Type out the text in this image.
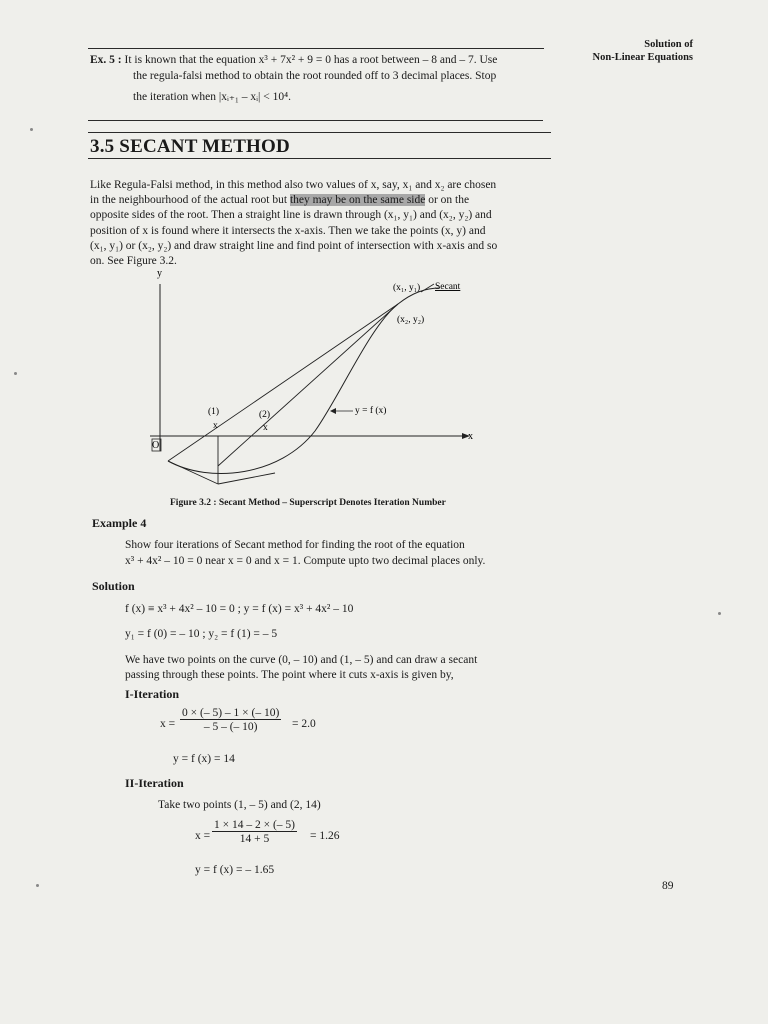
Solution of
Non-Linear Equations
Ex. 5 : It is known that the equation x³ + 7x² + 9 = 0 has a root between – 8 and – 7. Use
the regula-falsi method to obtain the root rounded off to 3 decimal places. Stop
the iteration when |xᵢ₊₁ – xᵢ| < 10⁴.
3.5 SECANT METHOD
Like Regula-Falsi method, in this method also two values of x, say, x₁ and x₂ are chosen
in the neighbourhood of the actual root but they may be on the same side or on the
opposite sides of the root. Then a straight line is drawn through (x₁, y₁) and (x₂, y₂) and
position of x is found where it intersects the x-axis. Then we take the points (x, y) and
(x₁, y₁) or (x₂, y₂) and draw straight line and find point of intersection with x-axis and so
on. See Figure 3.2.
y
x
O
(x₁, y₁) Secant
(x₂, y₂)
y = f (x)
(1)
x
(2)
x
Figure 3.2 : Secant Method – Superscript Denotes Iteration Number
Example 4
Show four iterations of Secant method for finding the root of the equation
x³ + 4x² – 10 = 0 near x = 0 and x = 1. Compute upto two decimal places only.
Solution
f (x) ≡ x³ + 4x² – 10 = 0 ; y = f (x) = x³ + 4x² – 10
y₁ = f (0) = – 10 ; y₂ = f (1) = – 5
We have two points on the curve (0, – 10) and (1, – 5) and can draw a secant
passing through these points. The point where it cuts x-axis is given by,
I-Iteration
$x = \frac{0 \times (- 5) - 1 \times (- 10)}{- 5 - (- 10)} = 2.0$
y = f (x) = 14
II-Iteration
Take two points (1, – 5) and (2, 14)
$x = \frac{1 \times 14 - 2 \times (- 5)}{14 + 5} = 1.26$
y = f (x) = – 1.65
89
